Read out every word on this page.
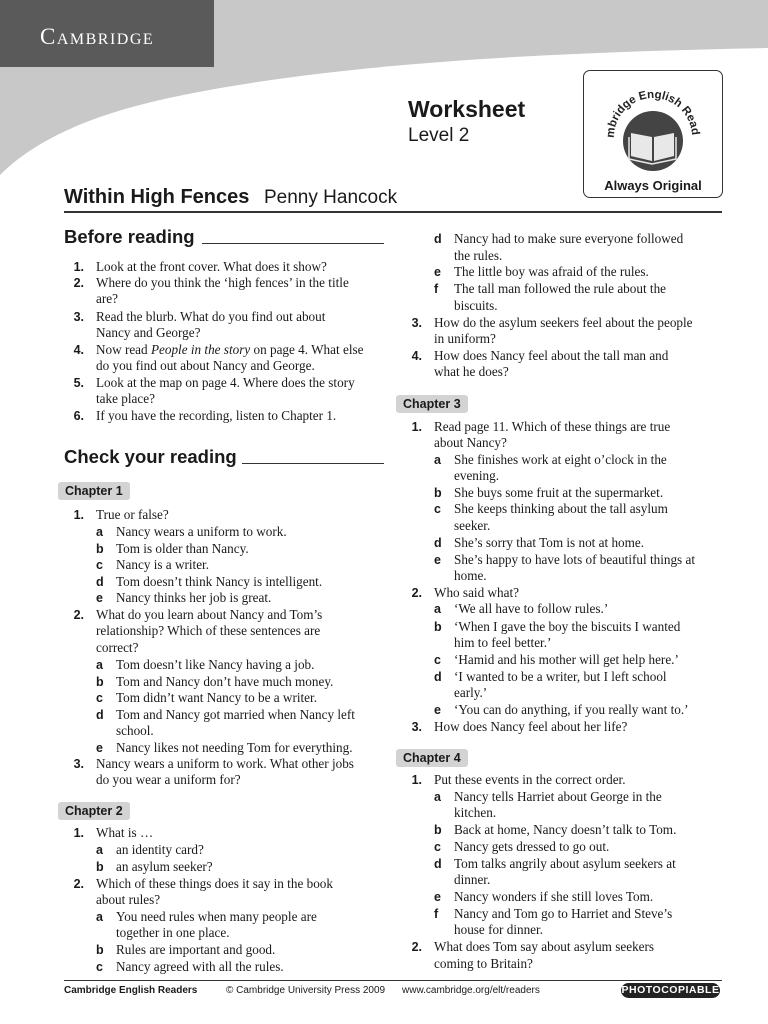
Cambridge
Worksheet
Level 2	mbridge English Read
Always Original
Within High Fences Penny Hancock
Before reading
Check your reading
Chapter 1
Chapter 2
Chapter 3
Chapter 4
1. Look at the front cover. What does it show?
2. Where do you think the ‘high fences’ in the title
are?
3. Read the blurb. What do you find out about
Nancy and George?
4. Now read People in the story on page 4. What else
do you find out about Nancy and George.
5. Look at the map on page 4. Where does the story
take place?
6. If you have the recording, listen to Chapter 1.
1. True or false?
a Nancy wears a uniform to work.
b Tom is older than Nancy.
c Nancy is a writer.
d Tom doesn’t think Nancy is intelligent.
e Nancy thinks her job is great.
2. What do you learn about Nancy and Tom’s
relationship? Which of these sentences are
correct?
a Tom doesn’t like Nancy having a job.
b Tom and Nancy don’t have much money.
c Tom didn’t want Nancy to be a writer.
d Tom and Nancy got married when Nancy left
school.
e Nancy likes not needing Tom for everything.
3. Nancy wears a uniform to work. What other jobs
do you wear a uniform for?
1. What is …
a an identity card?
b an asylum seeker?
2. Which of these things does it say in the book
about rules?
a You need rules when many people are
together in one place.
b Rules are important and good.
c Nancy agreed with all the rules.
d Nancy had to make sure everyone followed
the rules.
e The little boy was afraid of the rules.
f The tall man followed the rule about the
biscuits.
3. How do the asylum seekers feel about the people
in uniform?
4. How does Nancy feel about the tall man and
what he does?
1. Read page 11. Which of these things are true
about Nancy?
a She finishes work at eight o’clock in the
evening.
b She buys some fruit at the supermarket.
c She keeps thinking about the tall asylum
seeker.
d She’s sorry that Tom is not at home.
e She’s happy to have lots of beautiful things at
home.
2. Who said what?
a ‘We all have to follow rules.’
b ‘When I gave the boy the biscuits I wanted
him to feel better.’
c ‘Hamid and his mother will get help here.’
d ‘I wanted to be a writer, but I left school
early.’
e ‘You can do anything, if you really want to.’
3. How does Nancy feel about her life?
1. Put these events in the correct order.
a Nancy tells Harriet about George in the
kitchen.
b Back at home, Nancy doesn’t talk to Tom.
c Nancy gets dressed to go out.
d Tom talks angrily about asylum seekers at
dinner.
e Nancy wonders if she still loves Tom.
f Nancy and Tom go to Harriet and Steve’s
house for dinner.
2. What does Tom say about asylum seekers
coming to Britain?
Cambridge English Readers	© Cambridge University Press 2009 www.cambridge.org/elt/readers	PHOTOCOPIABLE
